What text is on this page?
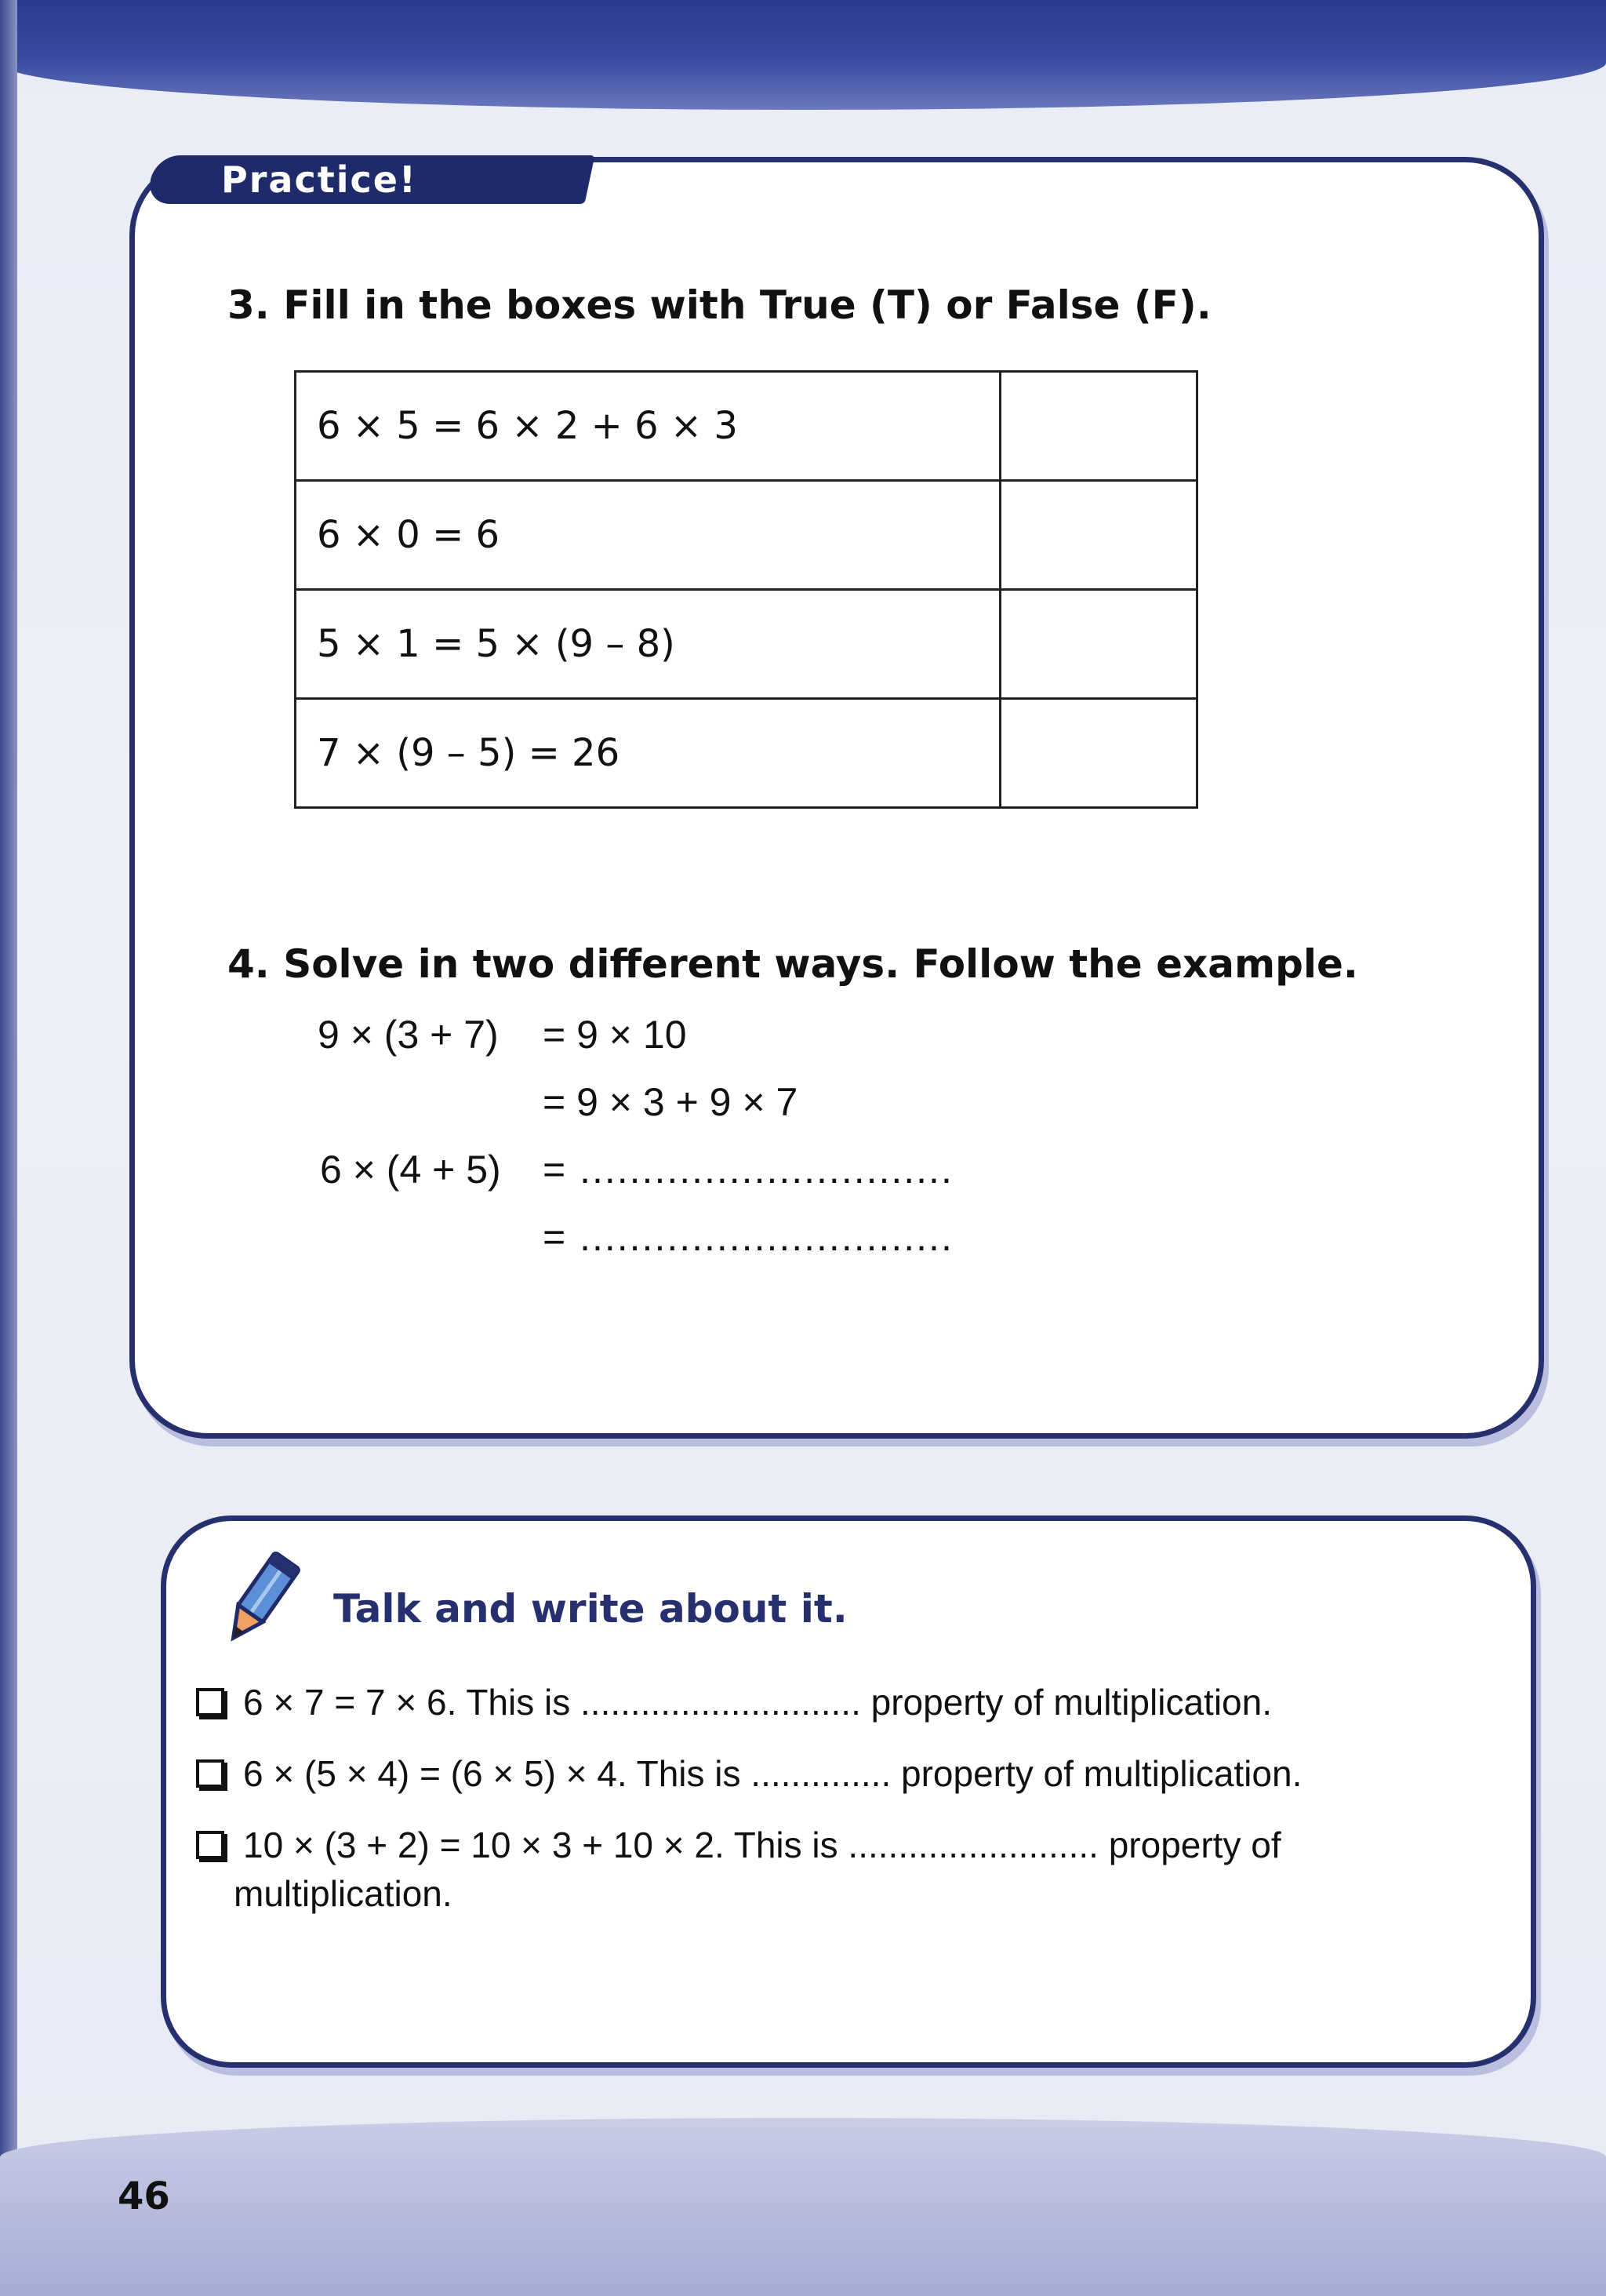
Practice!
3. Fill in the boxes with True (T) or False (F).
6 × 5 = 6 × 2 + 6 × 3	
6 × 0 = 6	
5 × 1 = 5 × (9 – 8)	
7 × (9 – 5) = 26	
4. Solve in two different ways. Follow the example.
9 × (3 + 7) = 9 × 10
= 9 × 3 + 9 × 7
6 × (4 + 5) = ..............................
= ..............................
Talk and write about it.
6 × 7 = 7 × 6. This is ............................ property of multiplication.
6 × (5 × 4) = (6 × 5) × 4. This is .............. property of multiplication.
10 × (3 + 2) = 10 × 3 + 10 × 2. This is ......................... property of
multiplication.
46
